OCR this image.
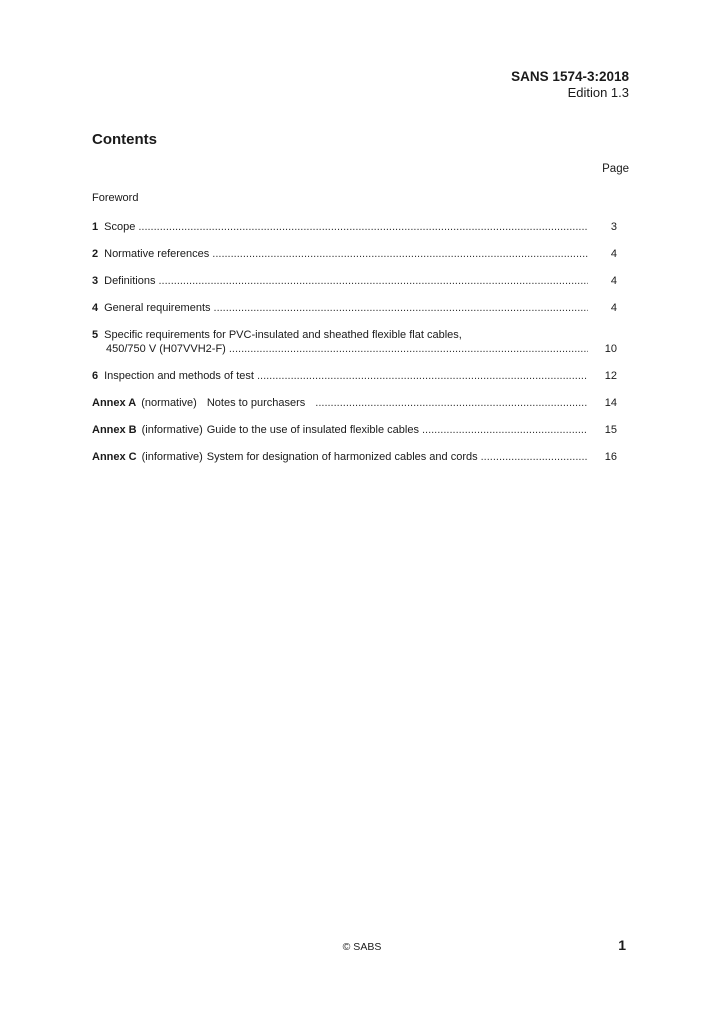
SANS 1574-3:2018
Edition 1.3
Contents
Page
Foreword
1 Scope .....	3
2 Normative references .....	4
3 Definitions .....	4
4 General requirements .....	4
5 Specific requirements for PVC-insulated and sheathed flexible flat cables,
450/750 V (H07VVH2-F) .....	10
6 Inspection and methods of test .....	12
Annex A (normative) Notes to purchasers .....	14
Annex B (informative) Guide to the use of insulated flexible cables .....	15
Annex C (informative) System for designation of harmonized cables and cords .....	16
© SABS	1
